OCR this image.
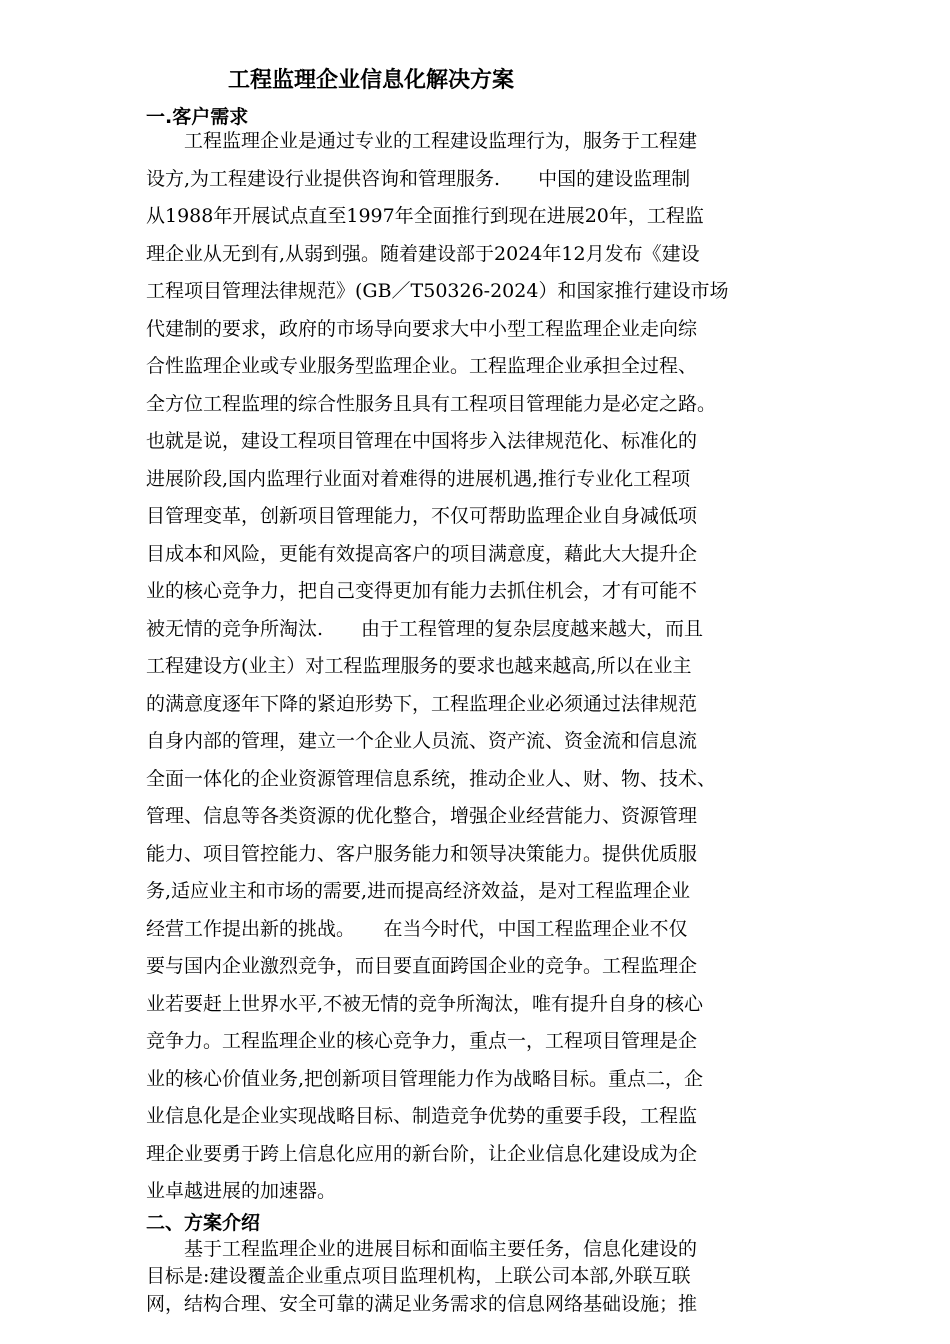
工程监理企业信息化解决方案
一.客户需求
　　工程监理企业是通过专业的工程建设监理行为，服务于工程建
设方,为工程建设行业提供咨询和管理服务.　　中国的建设监理制
从1988年开展试点直至1997年全面推行到现在进展20年，工程监
理企业从无到有,从弱到强。随着建设部于2024年12月发布《建设
工程项目管理法律规范》(GB／T50326-2024）和国家推行建设市场
代建制的要求，政府的市场导向要求大中小型工程监理企业走向综
合性监理企业或专业服务型监理企业。工程监理企业承担全过程、
全方位工程监理的综合性服务且具有工程项目管理能力是必定之路。
也就是说，建设工程项目管理在中国将步入法律规范化、标准化的
进展阶段,国内监理行业面对着难得的进展机遇,推行专业化工程项
目管理变革，创新项目管理能力，不仅可帮助监理企业自身减低项
目成本和风险，更能有效提高客户的项目满意度，藉此大大提升企
业的核心竞争力，把自己变得更加有能力去抓住机会，才有可能不
被无情的竞争所淘汰.　　由于工程管理的复杂层度越来越大，而且
工程建设方(业主）对工程监理服务的要求也越来越高,所以在业主
的满意度逐年下降的紧迫形势下，工程监理企业必须通过法律规范
自身内部的管理，建立一个企业人员流、资产流、资金流和信息流
全面一体化的企业资源管理信息系统，推动企业人、财、物、技术、
管理、信息等各类资源的优化整合，增强企业经营能力、资源管理
能力、项目管控能力、客户服务能力和领导决策能力。提供优质服
务,适应业主和市场的需要,进而提高经济效益，是对工程监理企业
经营工作提出新的挑战。　　在当今时代，中国工程监理企业不仅
要与国内企业激烈竞争，而目要直面跨国企业的竞争。工程监理企
业若要赶上世界水平,不被无情的竞争所淘汰，唯有提升自身的核心
竞争力。工程监理企业的核心竞争力，重点一，工程项目管理是企
业的核心价值业务,把创新项目管理能力作为战略目标。重点二，企
业信息化是企业实现战略目标、制造竞争优势的重要手段，工程监
理企业要勇于跨上信息化应用的新台阶，让企业信息化建设成为企
业卓越进展的加速器。
二、方案介绍
　　基于工程监理企业的进展目标和面临主要任务，信息化建设的
目标是:建设覆盖企业重点项目监理机构，上联公司本部,外联互联
网，结构合理、安全可靠的满足业务需求的信息网络基础设施；推
